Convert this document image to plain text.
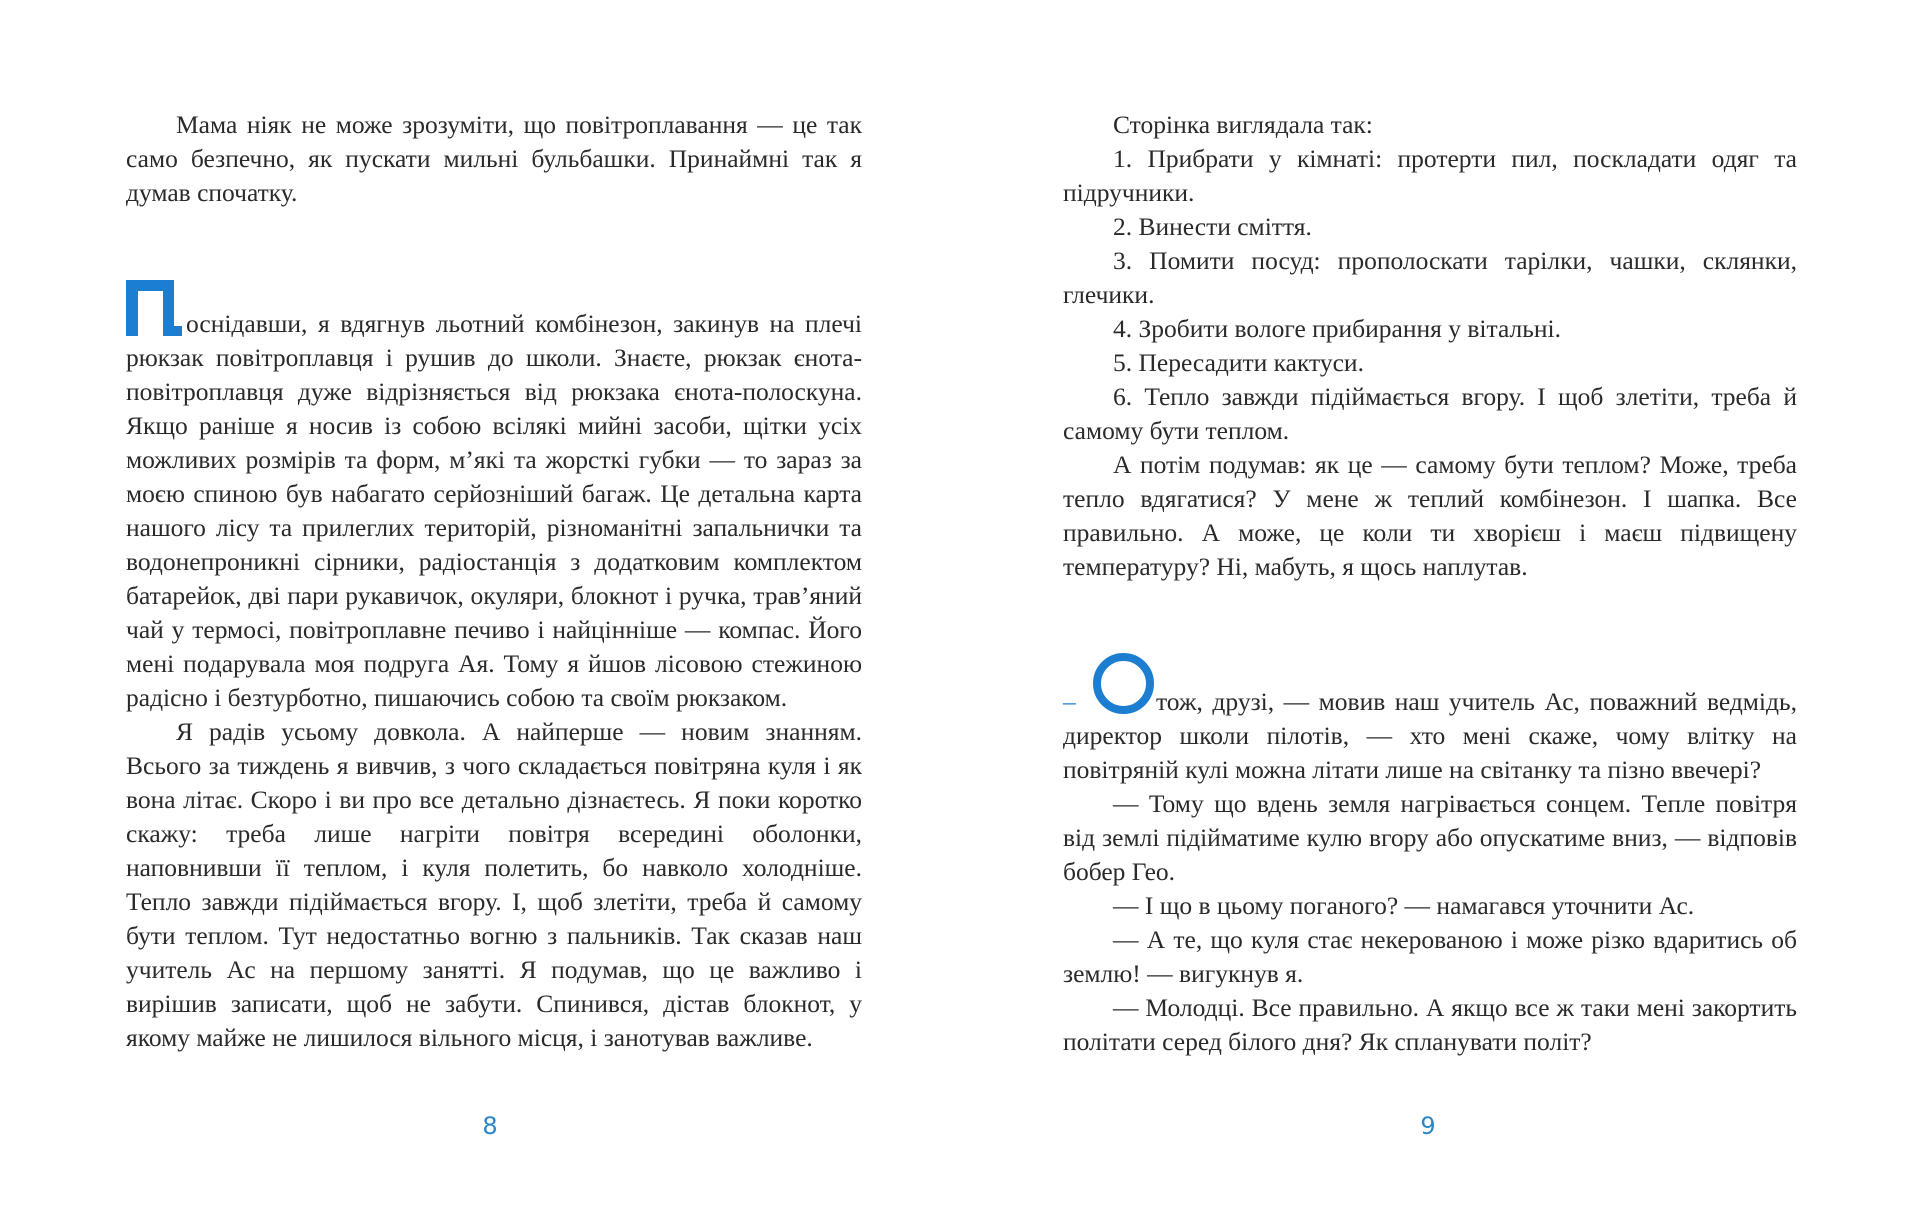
Мама ніяк не може зрозуміти, що повітроплавання — це так само безпечно, як пускати мильні бульбашки. Принаймні так я думав спочатку.

оснідавши, я вдягнув льотний комбінезон, закинув на плечі рюкзак повітроплавця і рушив до школи. Знаєте, рюкзак єнота-повітроплавця дуже відрізняється від рюкзака єнота-полоскуна. Якщо раніше я носив із собою всілякі мийні засоби, щітки усіх можливих розмірів та форм, м’які та жорсткі губки — то зараз за моєю спиною був набагато серйозніший багаж. Це детальна карта нашого лісу та прилеглих територій, різноманітні запальнички та водонепроникні сірники, радіостанція з додатковим комплектом батарейок, дві пари рукавичок, окуляри, блокнот і ручка, трав’яний чай у термосі, повітроплавне печиво і найцінніше — компас. Його мені подарувала моя подруга Ая. Тому я йшов лісовою стежиною радісно і безтурботно, пишаючись собою та своїм рюкзаком.

Я радів усьому довкола. А найперше — новим знанням. Всього за тиждень я вивчив, з чого складається повітряна куля і як вона літає. Скоро і ви про все детально дізнаєтесь. Я поки коротко скажу: треба лише нагріти повітря всередині оболонки, наповнивши її теплом, і куля полетить, бо навколо холодніше. Тепло завжди підіймається вгору. І, щоб злетіти, треба й самому бути теплом. Тут недостатньо вогню з пальників. Так сказав наш учитель Ас на першому занятті. Я подумав, що це важливо і вирішив записати, щоб не забути. Спинився, дістав блокнот, у якому майже не лишилося вільного місця, і занотував важливе.

8

Сторінка виглядала так:

1. Прибрати у кімнаті: протерти пил, поскладати одяг та підручники.

2. Винести сміття.

3. Помити посуд: прополоскати тарілки, чашки, склянки, глечики.

4. Зробити вологе прибирання у вітальні.

5. Пересадити кактуси.

6. Тепло завжди підіймається вгору. І щоб злетіти, треба й самому бути теплом.

А потім подумав: як це — самому бути теплом? Може, треба тепло вдягатися? У мене ж теплий комбінезон. І шапка. Все правильно. А може, це коли ти хворієш і маєш підвищену температуру? Ні, мабуть, я щось наплутав.

–	тож, друзі, — мовив наш учитель Ас, поважний ведмідь, директор школи пілотів, — хто мені скаже, чому влітку на повітряній кулі можна літати лише на світанку та пізно ввечері?

— Тому що вдень земля нагрівається сонцем. Тепле повітря від землі підійматиме кулю вгору або опускатиме вниз, — відповів бобер Гео.

— І що в цьому поганого? — намагався уточнити Ас.

— А те, що куля стає некерованою і може різко вдаритись об землю! — вигукнув я.

— Молодці. Все правильно. А якщо все ж таки мені закортить політати серед білого дня? Як спланувати політ?

9
